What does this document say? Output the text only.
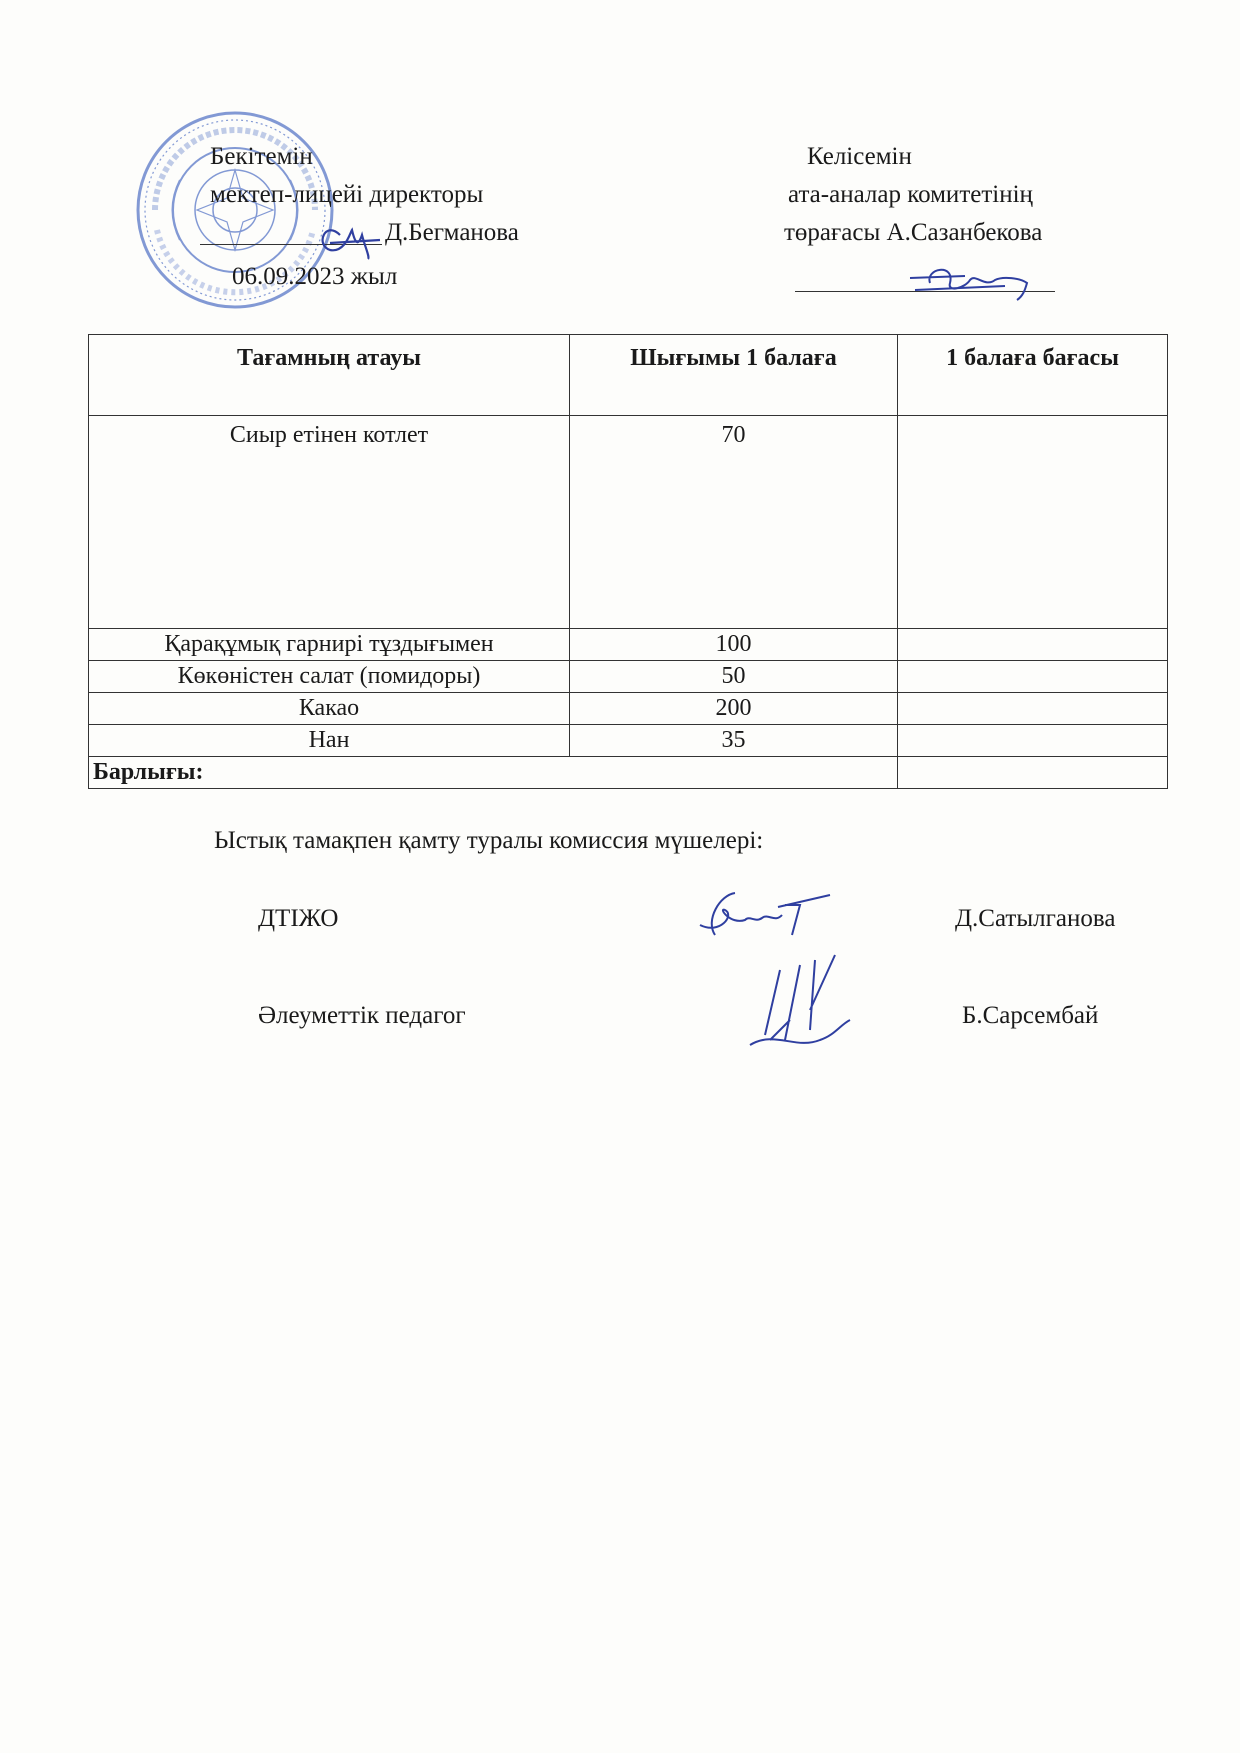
Бекітемін
мектеп-лицейі директоры
Д.Бегманова
06.09.2023 жыл
Келісемін
ата-аналар комитетінің
төрағасы А.Сазанбекова
Тағамның атауы	Шығымы 1 балаға	1 балаға бағасы
Сиыр етінен котлет	70	
Қарақұмық гарнирі тұздығымен	100	
Көкөністен салат (помидоры)	50	
Какао	200	
Нан	35	
Барлығы:		
Ыстық тамақпен қамту туралы комиссия мүшелері:
ДТІЖО	Д.Сатылганова
Әлеуметтік педагог	Б.Сарсембай
